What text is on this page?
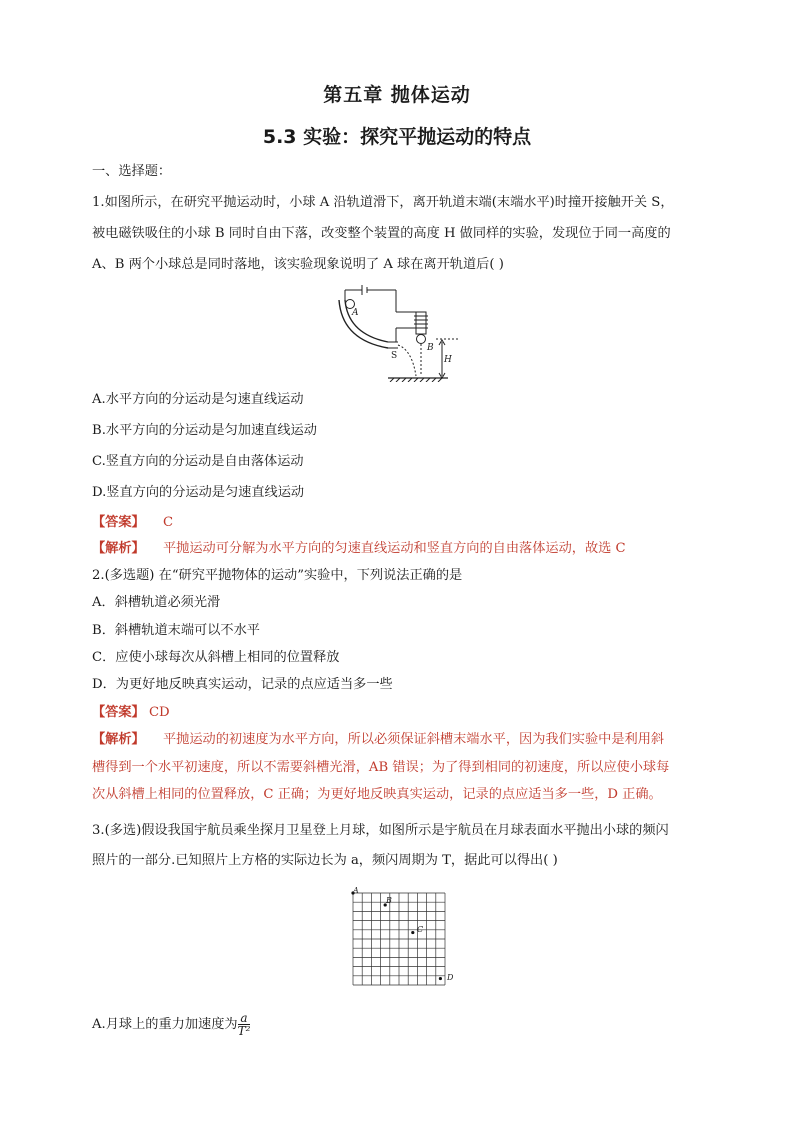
第五章 抛体运动
5.3 实验：探究平抛运动的特点
一、选择题：
1.如图所示，在研究平抛运动时，小球 A 沿轨道滑下，离开轨道末端(末端水平)时撞开接触开关 S，
被电磁铁吸住的小球 B 同时自由下落，改变整个装置的高度 H 做同样的实验，发现位于同一高度的
A、B 两个小球总是同时落地，该实验现象说明了 A 球在离开轨道后( )
A
B
S	H
A.水平方向的分运动是匀速直线运动
B.水平方向的分运动是匀加速直线运动
C.竖直方向的分运动是自由落体运动
D.竖直方向的分运动是匀速直线运动
【答案】 C
【解析】 平抛运动可分解为水平方向的匀速直线运动和竖直方向的自由落体运动，故选 C
2.(多选题) 在“研究平抛物体的运动”实验中，下列说法正确的是
A．斜槽轨道必须光滑
B．斜槽轨道末端可以不水平
C．应使小球每次从斜槽上相同的位置释放
D．为更好地反映真实运动，记录的点应适当多一些
【答案】 CD
【解析】 平抛运动的初速度为水平方向，所以必须保证斜槽末端水平，因为我们实验中是利用斜
槽得到一个水平初速度，所以不需要斜槽光滑，AB 错误；为了得到相同的初速度，所以应使小球每
次从斜槽上相同的位置释放，C 正确；为更好地反映真实运动，记录的点应适当多一些，D 正确。
3.(多选)假设我国宇航员乘坐探月卫星登上月球，如图所示是宇航员在月球表面水平抛出小球的频闪
照片的一部分.已知照片上方格的实际边长为 a，频闪周期为 T，据此可以得出( )
A
B
C
D
A.月球上的重力加速度为 $\frac{a}{\text{T²}}$
